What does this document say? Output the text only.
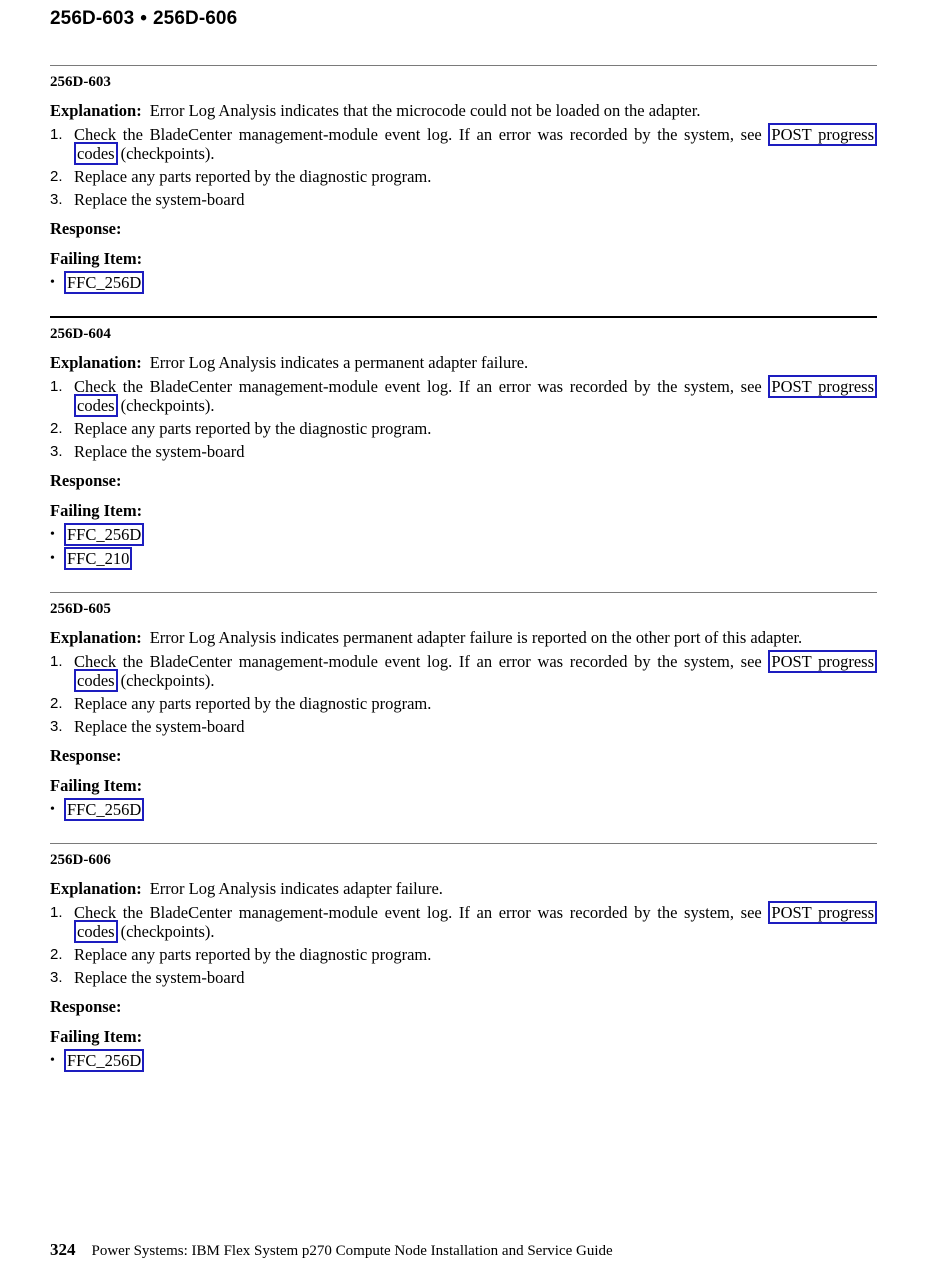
256D-603 • 256D-606
256D-603
Explanation: Error Log Analysis indicates that the microcode could not be loaded on the adapter.
1. Check the BladeCenter management-module event log. If an error was recorded by the system, see POST progress codes (checkpoints).
2. Replace any parts reported by the diagnostic program.
3. Replace the system-board
Response:
Failing Item:
• FFC_256D
256D-604
Explanation: Error Log Analysis indicates a permanent adapter failure.
1. Check the BladeCenter management-module event log. If an error was recorded by the system, see POST progress codes (checkpoints).
2. Replace any parts reported by the diagnostic program.
3. Replace the system-board
Response:
Failing Item:
• FFC_256D
• FFC_210
256D-605
Explanation: Error Log Analysis indicates permanent adapter failure is reported on the other port of this adapter.
1. Check the BladeCenter management-module event log. If an error was recorded by the system, see POST progress codes (checkpoints).
2. Replace any parts reported by the diagnostic program.
3. Replace the system-board
Response:
Failing Item:
• FFC_256D
256D-606
Explanation: Error Log Analysis indicates adapter failure.
1. Check the BladeCenter management-module event log. If an error was recorded by the system, see POST progress codes (checkpoints).
2. Replace any parts reported by the diagnostic program.
3. Replace the system-board
Response:
Failing Item:
• FFC_256D
324 Power Systems: IBM Flex System p270 Compute Node Installation and Service Guide
